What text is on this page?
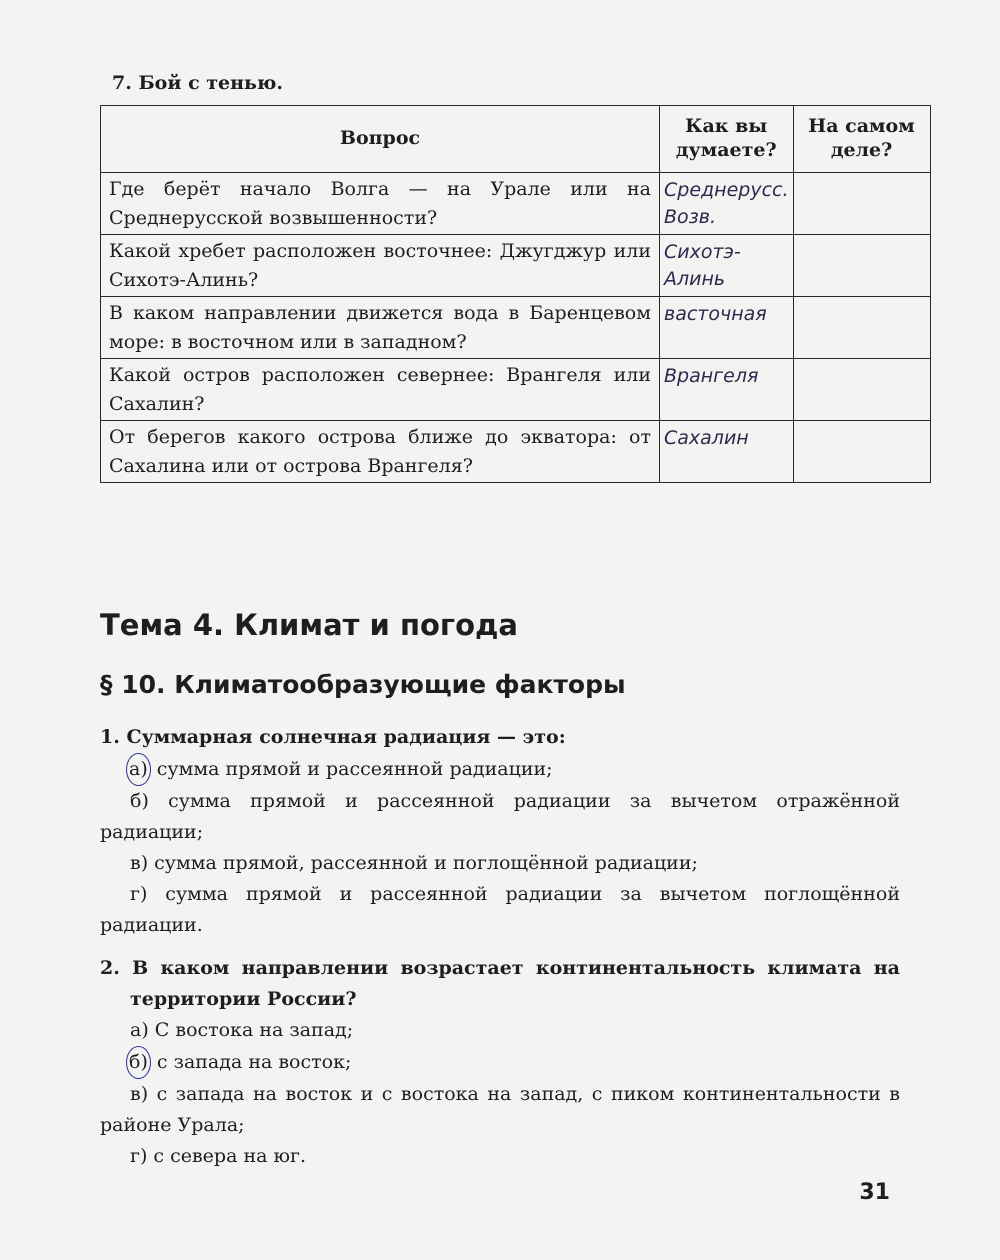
7. Бой с тенью.
Вопрос	Как вы думаете?	На самом деле?
Где берёт начало Волга — на Урале или на Среднерусской возвышенности?	Среднерусс. Возв.	
Какой хребет расположен восточнее: Джугджур или Сихотэ-Алинь?	Сихотэ-Алинь	
В каком направлении движется вода в Баренцевом море: в восточном или в западном?	васточная	
Какой остров расположен севернее: Врангеля или Сахалин?	Врангеля	
От берегов какого острова ближе до экватора: от Сахалина или от острова Врангеля?	Сахалин	
Тема 4. Климат и погода
§ 10. Климатообразующие факторы
1. Суммарная солнечная радиация — это:
а) сумма прямой и рассеянной радиации;
б) сумма прямой и рассеянной радиации за вычетом отражённой радиации;
в) сумма прямой, рассеянной и поглощённой радиации;
г) сумма прямой и рассеянной радиации за вычетом поглощённой радиации.
2. В каком направлении возрастает континентальность климата на территории России?
а) С востока на запад;
б) с запада на восток;
в) с запада на восток и с востока на запад, с пиком континентальности в районе Урала;
г) с севера на юг.
31
